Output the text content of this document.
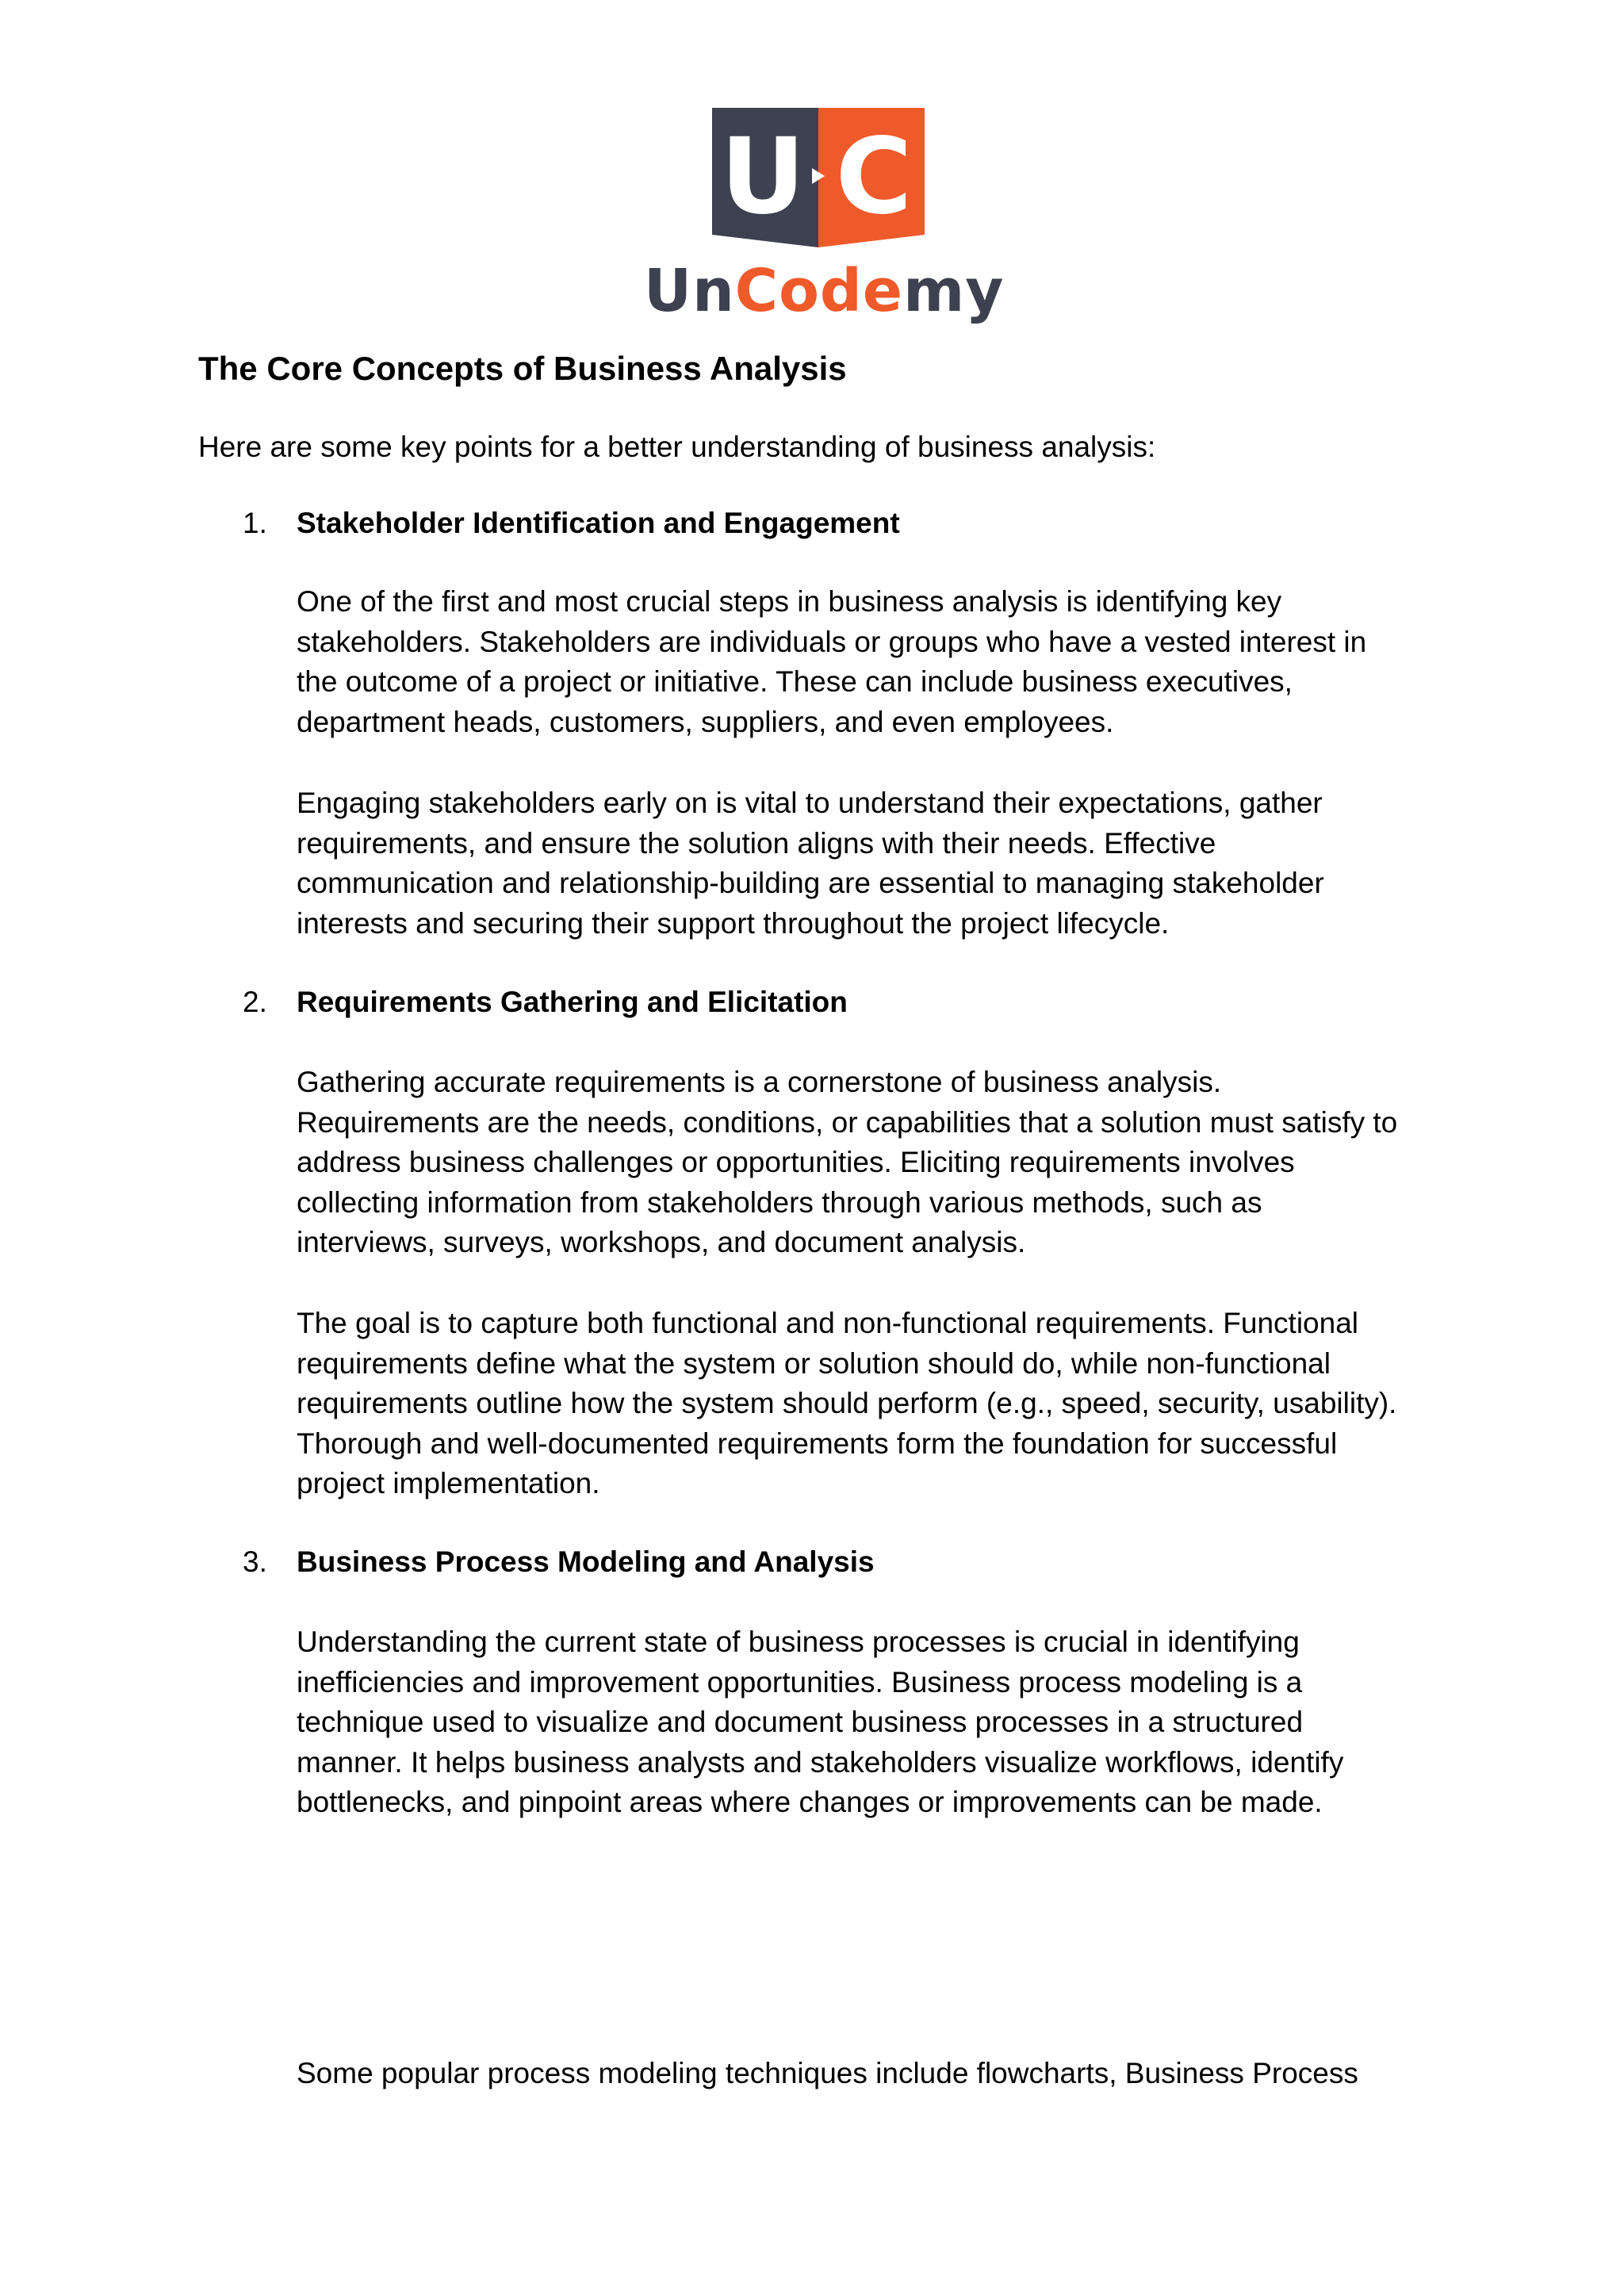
U C
UnCodemy
The Core Concepts of Business Analysis

Here are some key points for a better understanding of business analysis:

1. Stakeholder Identification and Engagement
One of the first and most crucial steps in business analysis is identifying key
stakeholders. Stakeholders are individuals or groups who have a vested interest in
the outcome of a project or initiative. These can include business executives,
department heads, customers, suppliers, and even employees.
Engaging stakeholders early on is vital to understand their expectations, gather
requirements, and ensure the solution aligns with their needs. Effective
communication and relationship-building are essential to managing stakeholder
interests and securing their support throughout the project lifecycle.
2. Requirements Gathering and Elicitation
Gathering accurate requirements is a cornerstone of business analysis.
Requirements are the needs, conditions, or capabilities that a solution must satisfy to
address business challenges or opportunities. Eliciting requirements involves
collecting information from stakeholders through various methods, such as
interviews, surveys, workshops, and document analysis.
The goal is to capture both functional and non-functional requirements. Functional
requirements define what the system or solution should do, while non-functional
requirements outline how the system should perform (e.g., speed, security, usability).
Thorough and well-documented requirements form the foundation for successful
project implementation.
3. Business Process Modeling and Analysis
Understanding the current state of business processes is crucial in identifying
inefficiencies and improvement opportunities. Business process modeling is a
technique used to visualize and document business processes in a structured
manner. It helps business analysts and stakeholders visualize workflows, identify
bottlenecks, and pinpoint areas where changes or improvements can be made.
Some popular process modeling techniques include flowcharts, Business Process
